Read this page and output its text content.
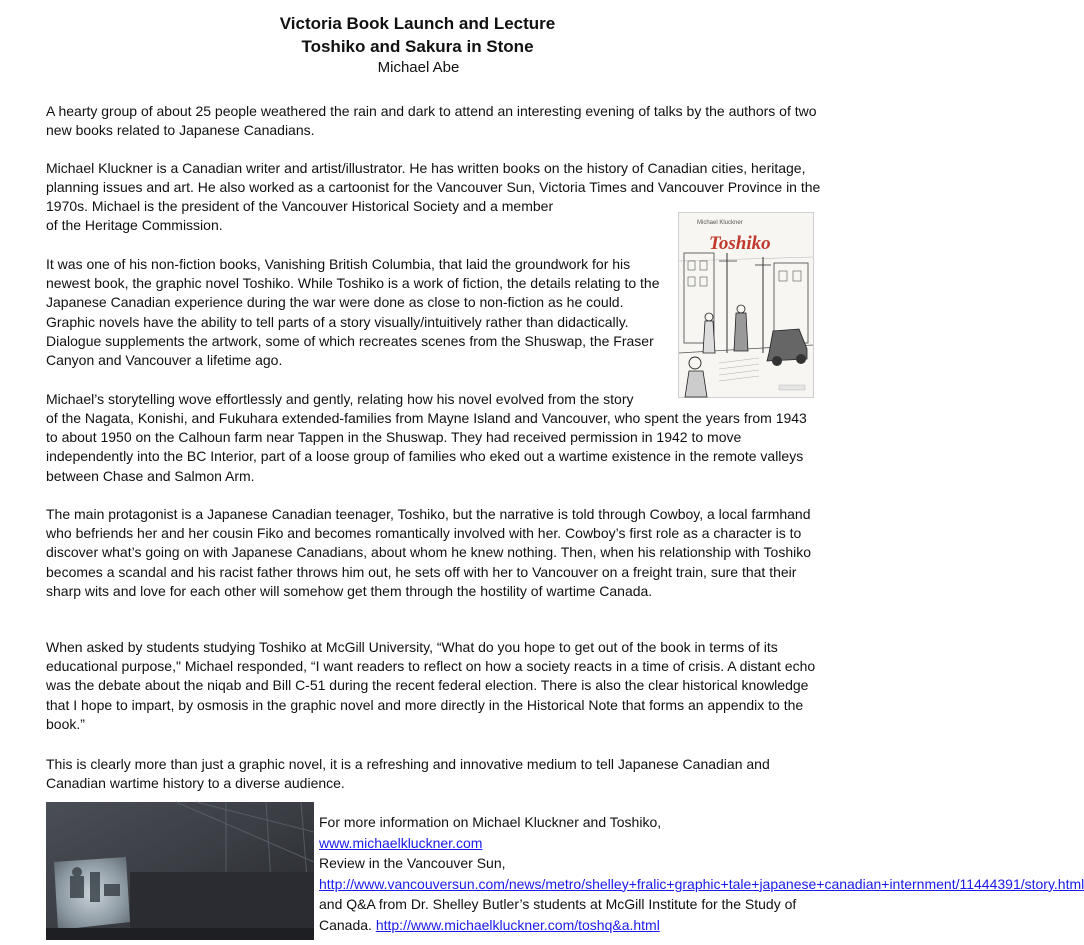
Victoria Book Launch and Lecture
Toshiko and Sakura in Stone
Michael Abe

A hearty group of about 25 people weathered the rain and dark to attend an interesting evening of talks by the authors of two new books related to Japanese Canadians.

Michael Kluckner is a Canadian writer and artist/illustrator. He has written books on the history of Canadian cities, heritage, planning issues and art. He also worked as a cartoonist for the Vancouver Sun, Victoria Times and Vancouver Province in the 1970s. Michael is the president of the Vancouver Historical Society and a member

of the Heritage Commission.

It was one of his non-fiction books, Vanishing British Columbia, that laid the groundwork for his newest book, the graphic novel Toshiko. While Toshiko is a work of fiction, the details relating to the Japanese Canadian experience during the war were done as close to non-fiction as he could. Graphic novels have the ability to tell parts of a story visually/intuitively rather than didactically. Dialogue supplements the artwork, some of which recreates scenes from the Shuswap, the Fraser Canyon and Vancouver a lifetime ago.

Michael’s storytelling wove effortlessly and gently, relating how his novel evolved from the story

of the Nagata, Konishi, and Fukuhara extended-families from Mayne Island and Vancouver, who spent the years from 1943 to about 1950 on the Calhoun farm near Tappen in the Shuswap. They had received permission in 1942 to move independently into the BC Interior, part of a loose group of families who eked out a wartime existence in the remote valleys between Chase and Salmon Arm.

The main protagonist is a Japanese Canadian teenager, Toshiko, but the narrative is told through Cowboy, a local farmhand who befriends her and her cousin Fiko and becomes romantically involved with her. Cowboy’s first role as a character is to discover what’s going on with Japanese Canadians, about whom he knew nothing. Then, when his relationship with Toshiko becomes a scandal and his racist father throws him out, he sets off with her to Vancouver on a freight train, sure that their sharp wits and love for each other will somehow get them through the hostility of wartime Canada.

When asked by students studying Toshiko at McGill University, “What do you hope to get out of the book in terms of its educational purpose," Michael responded, “I want readers to reflect on how a society reacts in a time of crisis. A distant echo was the debate about the niqab and Bill C-51 during the recent federal election. There is also the clear historical knowledge that I hope to impart, by osmosis in the graphic novel and more directly in the Historical Note that forms an appendix to the book.”

This is clearly more than just a graphic novel, it is a refreshing and innovative medium to tell Japanese Canadian and Canadian wartime history to a diverse audience.

Michael Kluckner
Toshiko

For more information on Michael Kluckner and Toshiko,
www.michaelkluckner.com
Review in the Vancouver Sun, http://www.vancouversun.com/news/metro/shelley+fralic+graphic+tale+japanese+canadian+internment/11444391/story.html and Q&A from Dr. Shelley Butler’s students at McGill Institute for the Study of Canada. http://www.michaelkluckner.com/toshq&a.html
